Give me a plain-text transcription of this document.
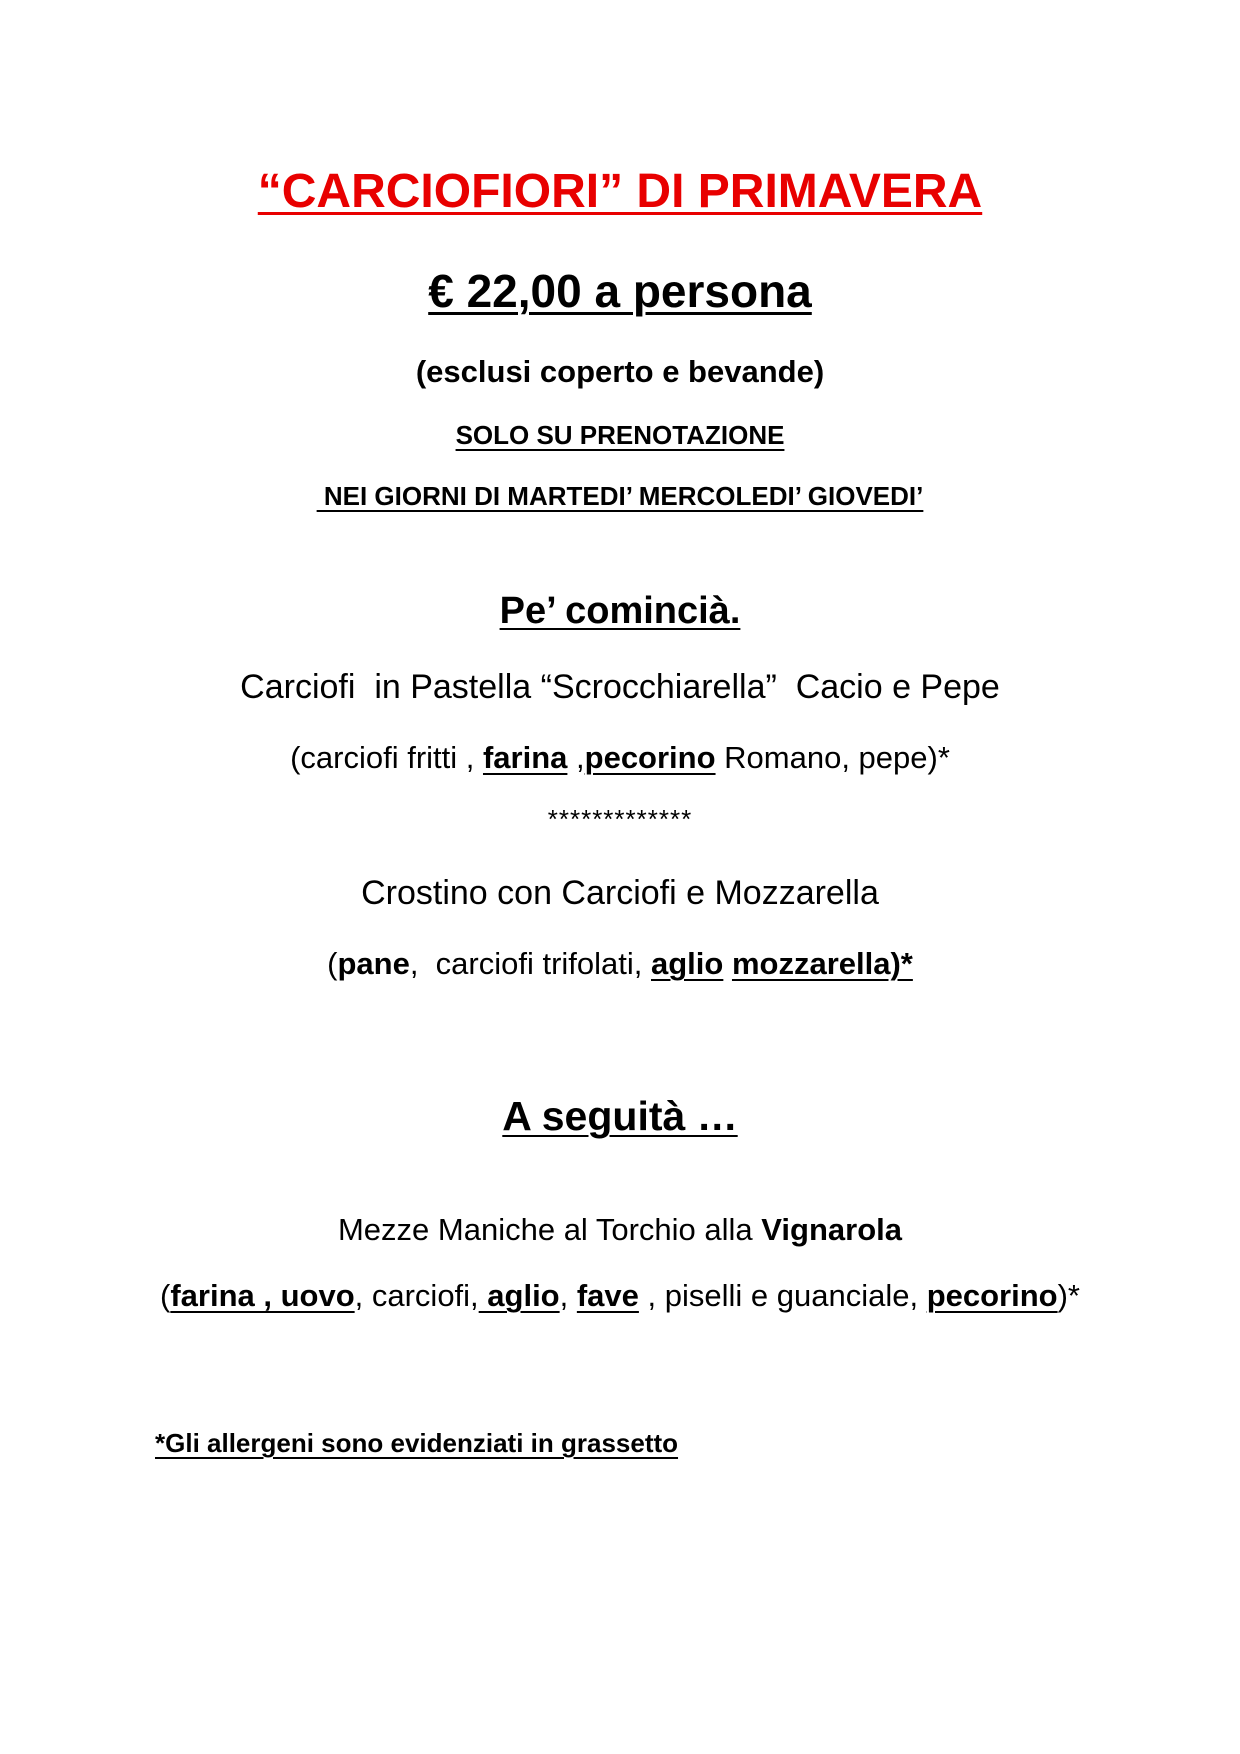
“CARCIOFIORI” DI PRIMAVERA
€ 22,00 a persona
(esclusi coperto e bevande)
SOLO SU PRENOTAZIONE
NEI GIORNI DI MARTEDI’ MERCOLEDI’ GIOVEDI’
Pe’ comincià.
Carciofi  in Pastella “Scrocchiarella”  Cacio e Pepe
(carciofi fritti , farina ,pecorino Romano, pepe)*
*************
Crostino con Carciofi e Mozzarella
(pane,  carciofi trifolati, aglio mozzarella)*
A seguità …
Mezze Maniche al Torchio alla Vignarola
(farina , uovo, carciofi, aglio, fave , piselli e guanciale, pecorino)*
*Gli allergeni sono evidenziati in grassetto
